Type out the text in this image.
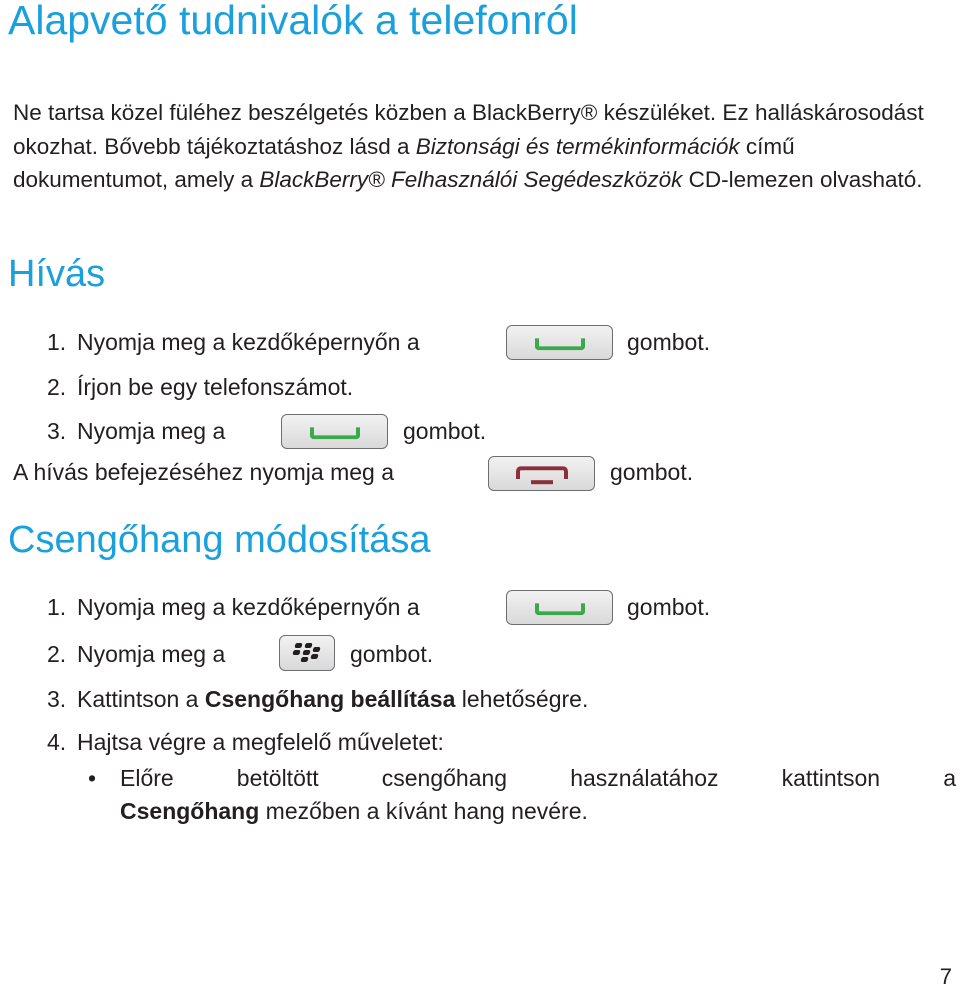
Alapvető tudnivalók a telefonról

Ne tartsa közel füléhez beszélgetés közben a BlackBerry® készüléket. Ez halláskárosodást okozhat. Bővebb tájékoztatáshoz lásd a Biztonsági és termékinformációk című dokumentumot, amely a BlackBerry® Felhasználói Segédeszközök CD-lemezen olvasható.

Hívás
1. Nyomja meg a kezdőképernyőn a	gombot.
2. Írjon be egy telefonszámot.
3. Nyomja meg a	gombot.
A hívás befejezéséhez nyomja meg a	gombot.
Csengőhang módosítása
1. Nyomja meg a kezdőképernyőn a	gombot.
2. Nyomja meg a	gombot.
3. Kattintson a Csengőhang beállítása lehetőségre.
4. Hajtsa végre a megfelelő műveletet:
• Előre betöltött csengőhang használatához kattintson a
Csengőhang mezőben a kívánt hang nevére.
7
